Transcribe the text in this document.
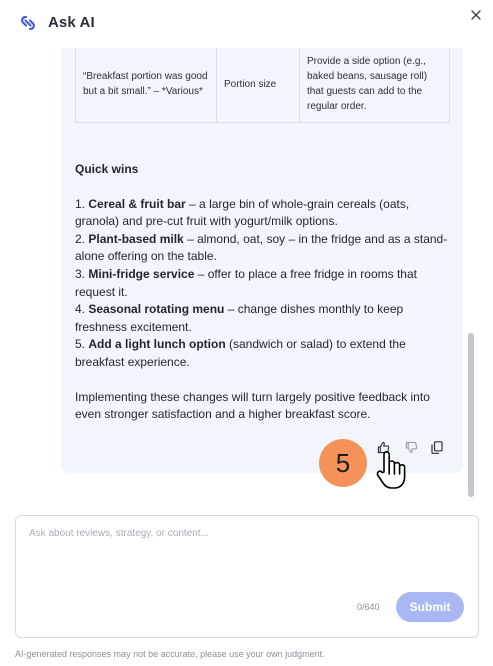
Ask AI
“Breakfast portion was good but a bit small.” – *Various*	Portion size	Provide a side option (e.g., baked beans, sausage roll) that guests can add to the regular order.
Quick wins

1. Cereal & fruit bar – a large bin of whole-grain cereals (oats, granola) and pre-cut fruit with yogurt/milk options.

2. Plant-based milk – almond, oat, soy – in the fridge and as a stand-alone offering on the table.

3. Mini-fridge service – offer to place a free fridge in rooms that request it.

4. Seasonal rotating menu – change dishes monthly to keep freshness excitement.

5. Add a light lunch option (sandwich or salad) to extend the breakfast experience.

Implementing these changes will turn largely positive feedback into even stronger satisfaction and a higher breakfast score.

5
Ask about reviews, strategy, or content...
0/640	Submit
AI-generated responses may not be accurate, please use your own judgment.
